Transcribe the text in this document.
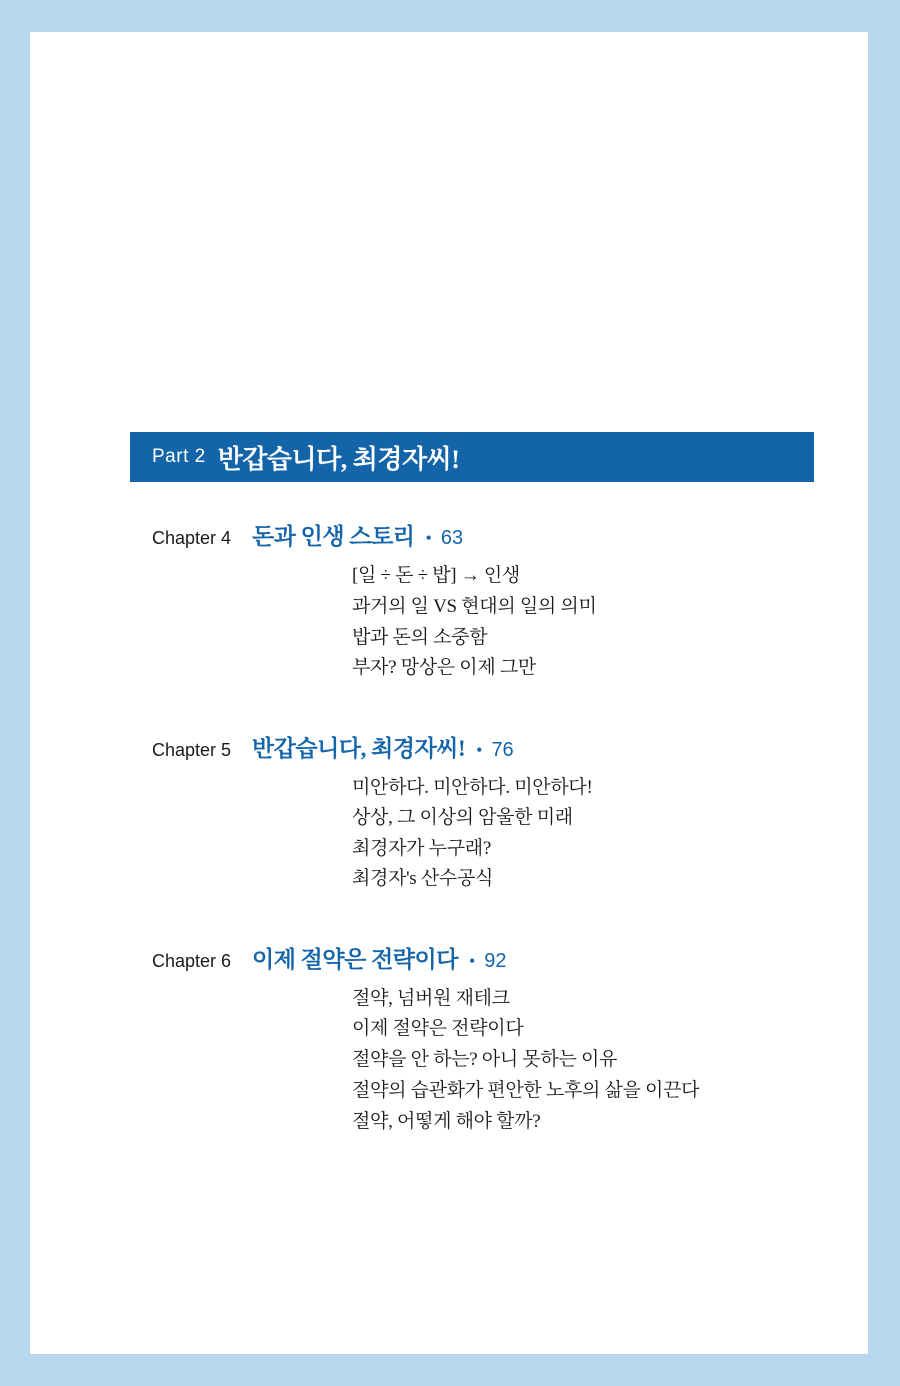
Part 2 반갑습니다, 최경자씨!
Chapter 4 돈과 인생 스토리 • 63
[일 ÷ 돈 ÷ 밥] → 인생
과거의 일 VS 현대의 일의 의미
밥과 돈의 소중함
부자? 망상은 이제 그만
Chapter 5 반갑습니다, 최경자씨! • 76
미안하다. 미안하다. 미안하다!
상상, 그 이상의 암울한 미래
최경자가 누구래?
최경자's 산수공식
Chapter 6 이제 절약은 전략이다 • 92
절약, 넘버원 재테크
이제 절약은 전략이다
절약을 안 하는? 아니 못하는 이유
절약의 습관화가 편안한 노후의 삶을 이끈다
절약, 어떻게 해야 할까?
